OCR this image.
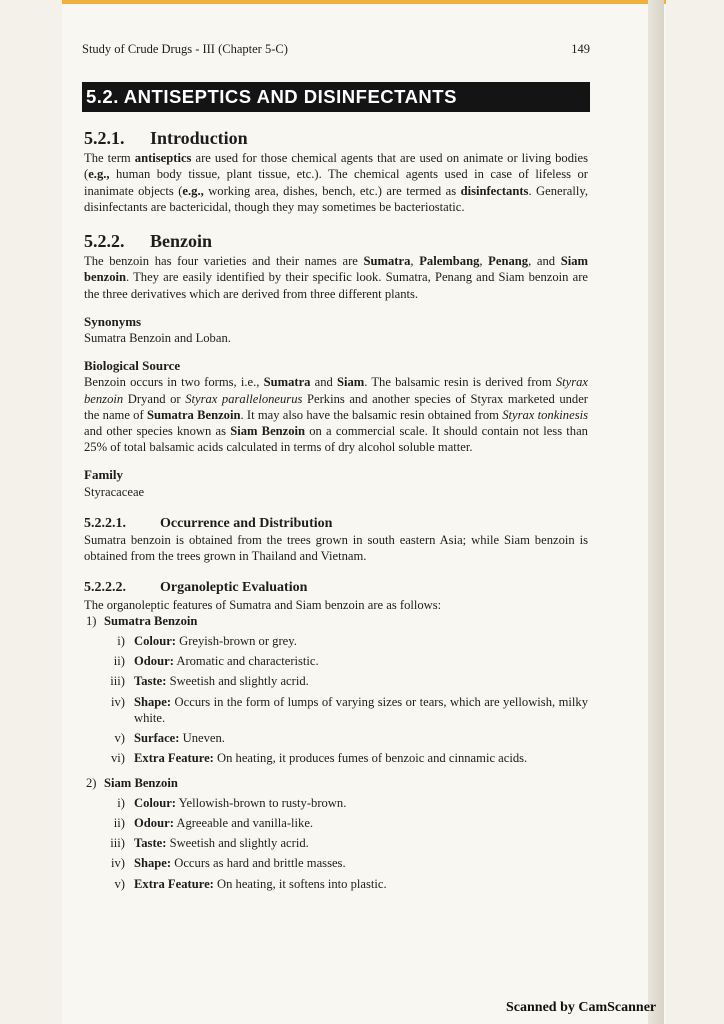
Study of Crude Drugs - III (Chapter 5-C)	149
5.2. ANTISEPTICS AND DISINFECTANTS
5.2.1. Introduction

The term antiseptics are used for those chemical agents that are used on animate or living bodies (e.g., human body tissue, plant tissue, etc.). The chemical agents used in case of lifeless or inanimate objects (e.g., working area, dishes, bench, etc.) are termed as disinfectants. Generally, disinfectants are bactericidal, though they may sometimes be bacteriostatic.

5.2.2. Benzoin

The benzoin has four varieties and their names are Sumatra, Palembang, Penang, and Siam benzoin. They are easily identified by their specific look. Sumatra, Penang and Siam benzoin are the three derivatives which are derived from three different plants.

Synonyms

Sumatra Benzoin and Loban.

Biological Source

Benzoin occurs in two forms, i.e., Sumatra and Siam. The balsamic resin is derived from Styrax benzoin Dryand or Styrax paralleloneurus Perkins and another species of Styrax marketed under the name of Sumatra Benzoin. It may also have the balsamic resin obtained from Styrax tonkinesis and other species known as Siam Benzoin on a commercial scale. It should contain not less than 25% of total balsamic acids calculated in terms of dry alcohol soluble matter.

Family

Styracaceae

5.2.2.1. Occurrence and Distribution

Sumatra benzoin is obtained from the trees grown in south eastern Asia; while Siam benzoin is obtained from the trees grown in Thailand and Vietnam.

5.2.2.2. Organoleptic Evaluation

The organoleptic features of Sumatra and Siam benzoin are as follows:

1) Sumatra Benzoin
i) Colour: Greyish-brown or grey.
ii) Odour: Aromatic and characteristic.
iii) Taste: Sweetish and slightly acrid.
iv) Shape: Occurs in the form of lumps of varying sizes or tears, which are yellowish, milky white.
v) Surface: Uneven.
vi) Extra Feature: On heating, it produces fumes of benzoic and cinnamic acids.
2) Siam Benzoin
i) Colour: Yellowish-brown to rusty-brown.
ii) Odour: Agreeable and vanilla-like.
iii) Taste: Sweetish and slightly acrid.
iv) Shape: Occurs as hard and brittle masses.
v) Extra Feature: On heating, it softens into plastic.
Scanned by CamScanner
